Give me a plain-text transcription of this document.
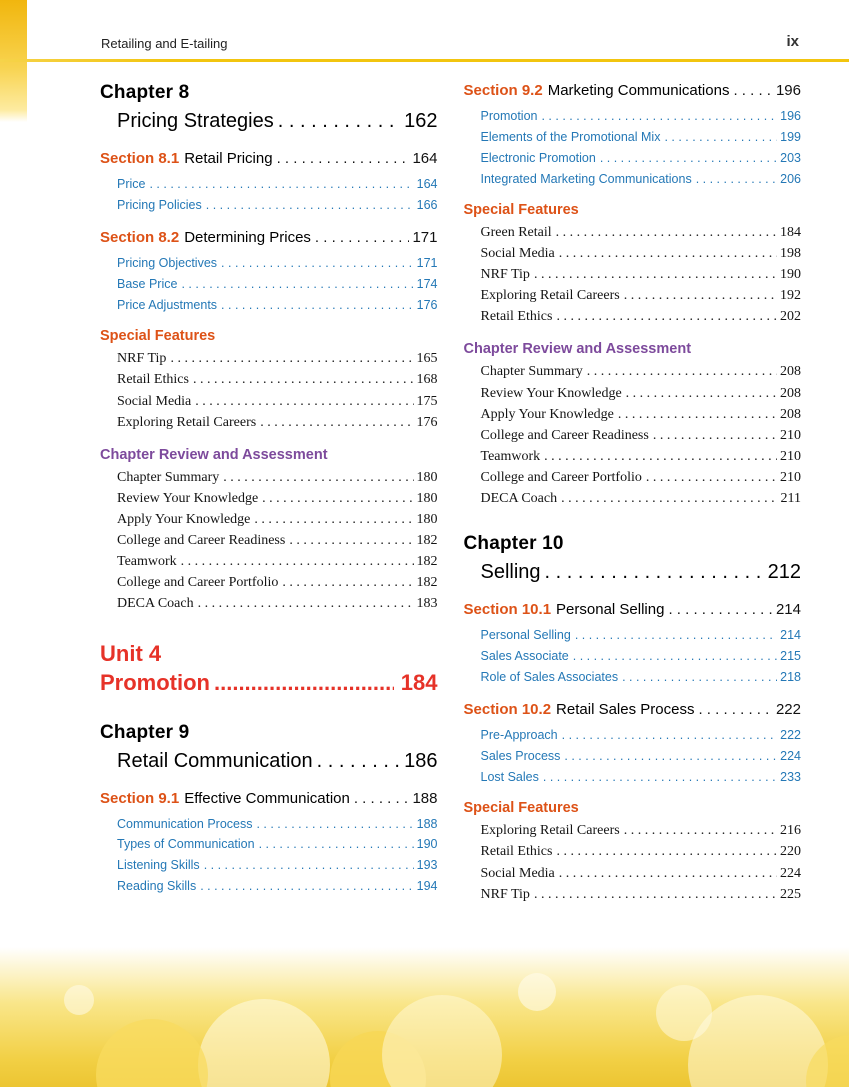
Retailing and E-tailing	ix
Chapter 8
Pricing Strategies . . .	162
Section 8.1 Retail Pricing . . .	164
Price . . .	164
Pricing Policies . . .	166
Section 8.2 Determining Prices . . .	171
Pricing Objectives . . .	171
Base Price . . .	174
Price Adjustments . . .	176
Special Features
NRF Tip . . .	165
Retail Ethics . . .	168
Social Media . . .	175
Exploring Retail Careers . . .	176
Chapter Review and Assessment
Chapter Summary . . .	180
Review Your Knowledge . . .	180
Apply Your Knowledge . . .	180
College and Career Readiness . . .	182
Teamwork . . .	182
College and Career Portfolio . . .	182
DECA Coach . . .	183
Unit 4
Promotion .....	184
Chapter 9
Retail Communication . . .	186
Section 9.1 Effective Communication . . .	188
Communication Process . . .	188
Types of Communication . . .	190
Listening Skills . . .	193
Reading Skills . . .	194
Section 9.2 Marketing Communications . . .	196
Promotion . . .	196
Elements of the Promotional Mix . . .	199
Electronic Promotion . . .	203
Integrated Marketing Communications . . .	206
Special Features
Green Retail . . .	184
Social Media . . .	198
NRF Tip . . .	190
Exploring Retail Careers . . .	192
Retail Ethics . . .	202
Chapter Review and Assessment
Chapter Summary . . .	208
Review Your Knowledge . . .	208
Apply Your Knowledge . . .	208
College and Career Readiness . . .	210
Teamwork . . .	210
College and Career Portfolio . . .	210
DECA Coach . . .	211
Chapter 10
Selling . . .	212
Section 10.1 Personal Selling . . .	214
Personal Selling . . .	214
Sales Associate . . .	215
Role of Sales Associates . . .	218
Section 10.2 Retail Sales Process . . .	222
Pre-Approach . . .	222
Sales Process . . .	224
Lost Sales . . .	233
Special Features
Exploring Retail Careers . . .	216
Retail Ethics . . .	220
Social Media . . .	224
NRF Tip . . .	225
